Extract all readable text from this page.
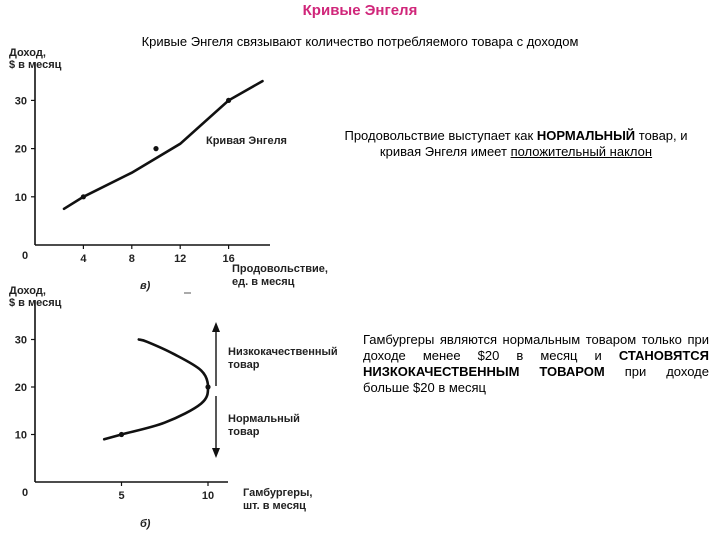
Кривые Энгеля
Кривые Энгеля связывают количество потребляемого товара с доходом
Продовольствие выступает как НОРМАЛЬНЫЙ товар, и кривая Энгеля имеет положительный наклон
Гамбургеры являются нормальным товаром только при доходе менее $20 в месяц и СТАНОВЯТСЯ НИЗКОКАЧЕСТВЕННЫМ ТОВАРОМ при доходе больше $20 в месяц
Доход,
$ в месяц
0
10
20
30
4	8	12	16
Продовольствие,
ед. в месяц
в)
Кривая Энгеля
Доход,
$ в месяц
0
10
20
30
5	10	Гамбургеры,
шт. в месяц
б)
Низкокачественный
товар
Нормальный
товар
